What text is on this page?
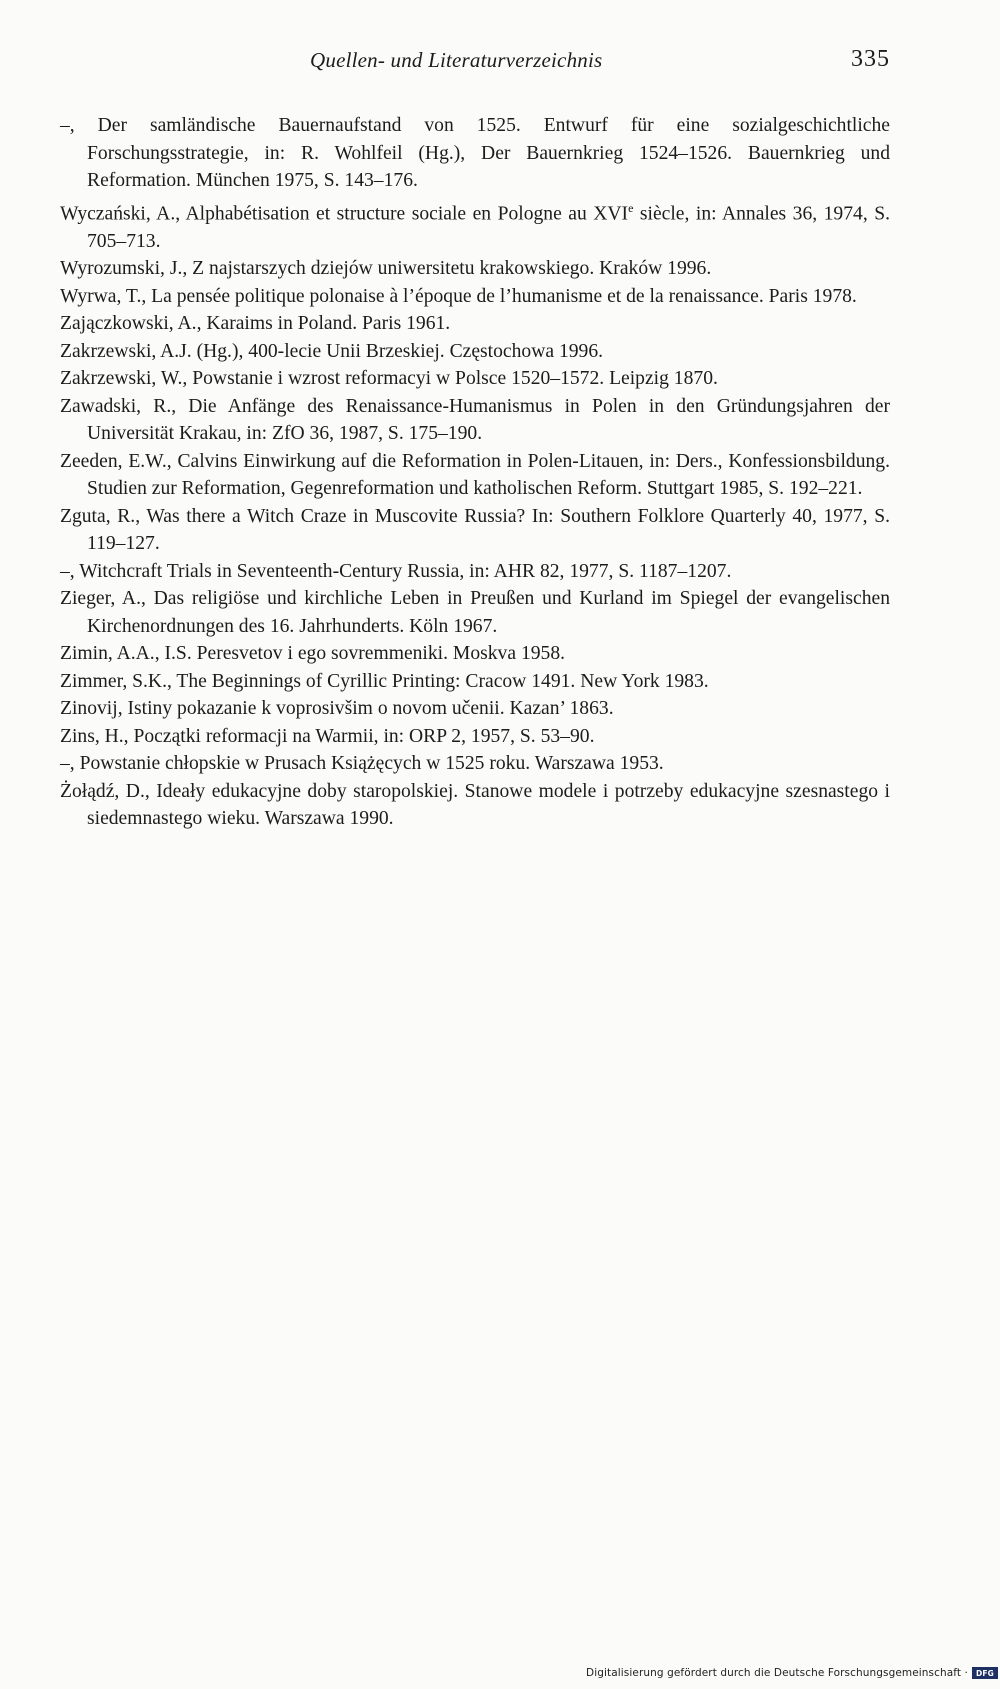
Quellen- und Literaturverzeichnis	335
–, Der samländische Bauernaufstand von 1525. Entwurf für eine sozialgeschichtliche Forschungsstrategie, in: R. Wohlfeil (Hg.), Der Bauernkrieg 1524–1526. Bauernkrieg und Reformation. München 1975, S. 143–176.
Wyczański, A., Alphabétisation et structure sociale en Pologne au XVIe siècle, in: Annales 36, 1974, S. 705–713.
Wyrozumski, J., Z najstarszych dziejów uniwersitetu krakowskiego. Kraków 1996.
Wyrwa, T., La pensée politique polonaise à l’époque de l’humanisme et de la renaissance. Paris 1978.
Zajączkowski, A., Karaims in Poland. Paris 1961.
Zakrzewski, A.J. (Hg.), 400-lecie Unii Brzeskiej. Częstochowa 1996.
Zakrzewski, W., Powstanie i wzrost reformacyi w Polsce 1520–1572. Leipzig 1870.
Zawadski, R., Die Anfänge des Renaissance-Humanismus in Polen in den Gründungsjahren der Universität Krakau, in: ZfO 36, 1987, S. 175–190.
Zeeden, E.W., Calvins Einwirkung auf die Reformation in Polen-Litauen, in: Ders., Konfessionsbildung. Studien zur Reformation, Gegenreformation und katholischen Reform. Stuttgart 1985, S. 192–221.
Zguta, R., Was there a Witch Craze in Muscovite Russia? In: Southern Folklore Quarterly 40, 1977, S. 119–127.
–, Witchcraft Trials in Seventeenth-Century Russia, in: AHR 82, 1977, S. 1187–1207.
Zieger, A., Das religiöse und kirchliche Leben in Preußen und Kurland im Spiegel der evangelischen Kirchenordnungen des 16. Jahrhunderts. Köln 1967.
Zimin, A.A., I.S. Peresvetov i ego sovremmeniki. Moskva 1958.
Zimmer, S.K., The Beginnings of Cyrillic Printing: Cracow 1491. New York 1983.
Zinovij, Istiny pokazanie k voprosivšim o novom učenii. Kazan’ 1863.
Zins, H., Początki reformacji na Warmii, in: ORP 2, 1957, S. 53–90.
–, Powstanie chłopskie w Prusach Książęcych w 1525 roku. Warszawa 1953.
Żołądź, D., Ideały edukacyjne doby staropolskiej. Stanowe modele i potrzeby edukacyjne szesnastego i siedemnastego wieku. Warszawa 1990.
Digitalisierung gefördert durch die Deutsche Forschungsgemeinschaft ·	DFG
